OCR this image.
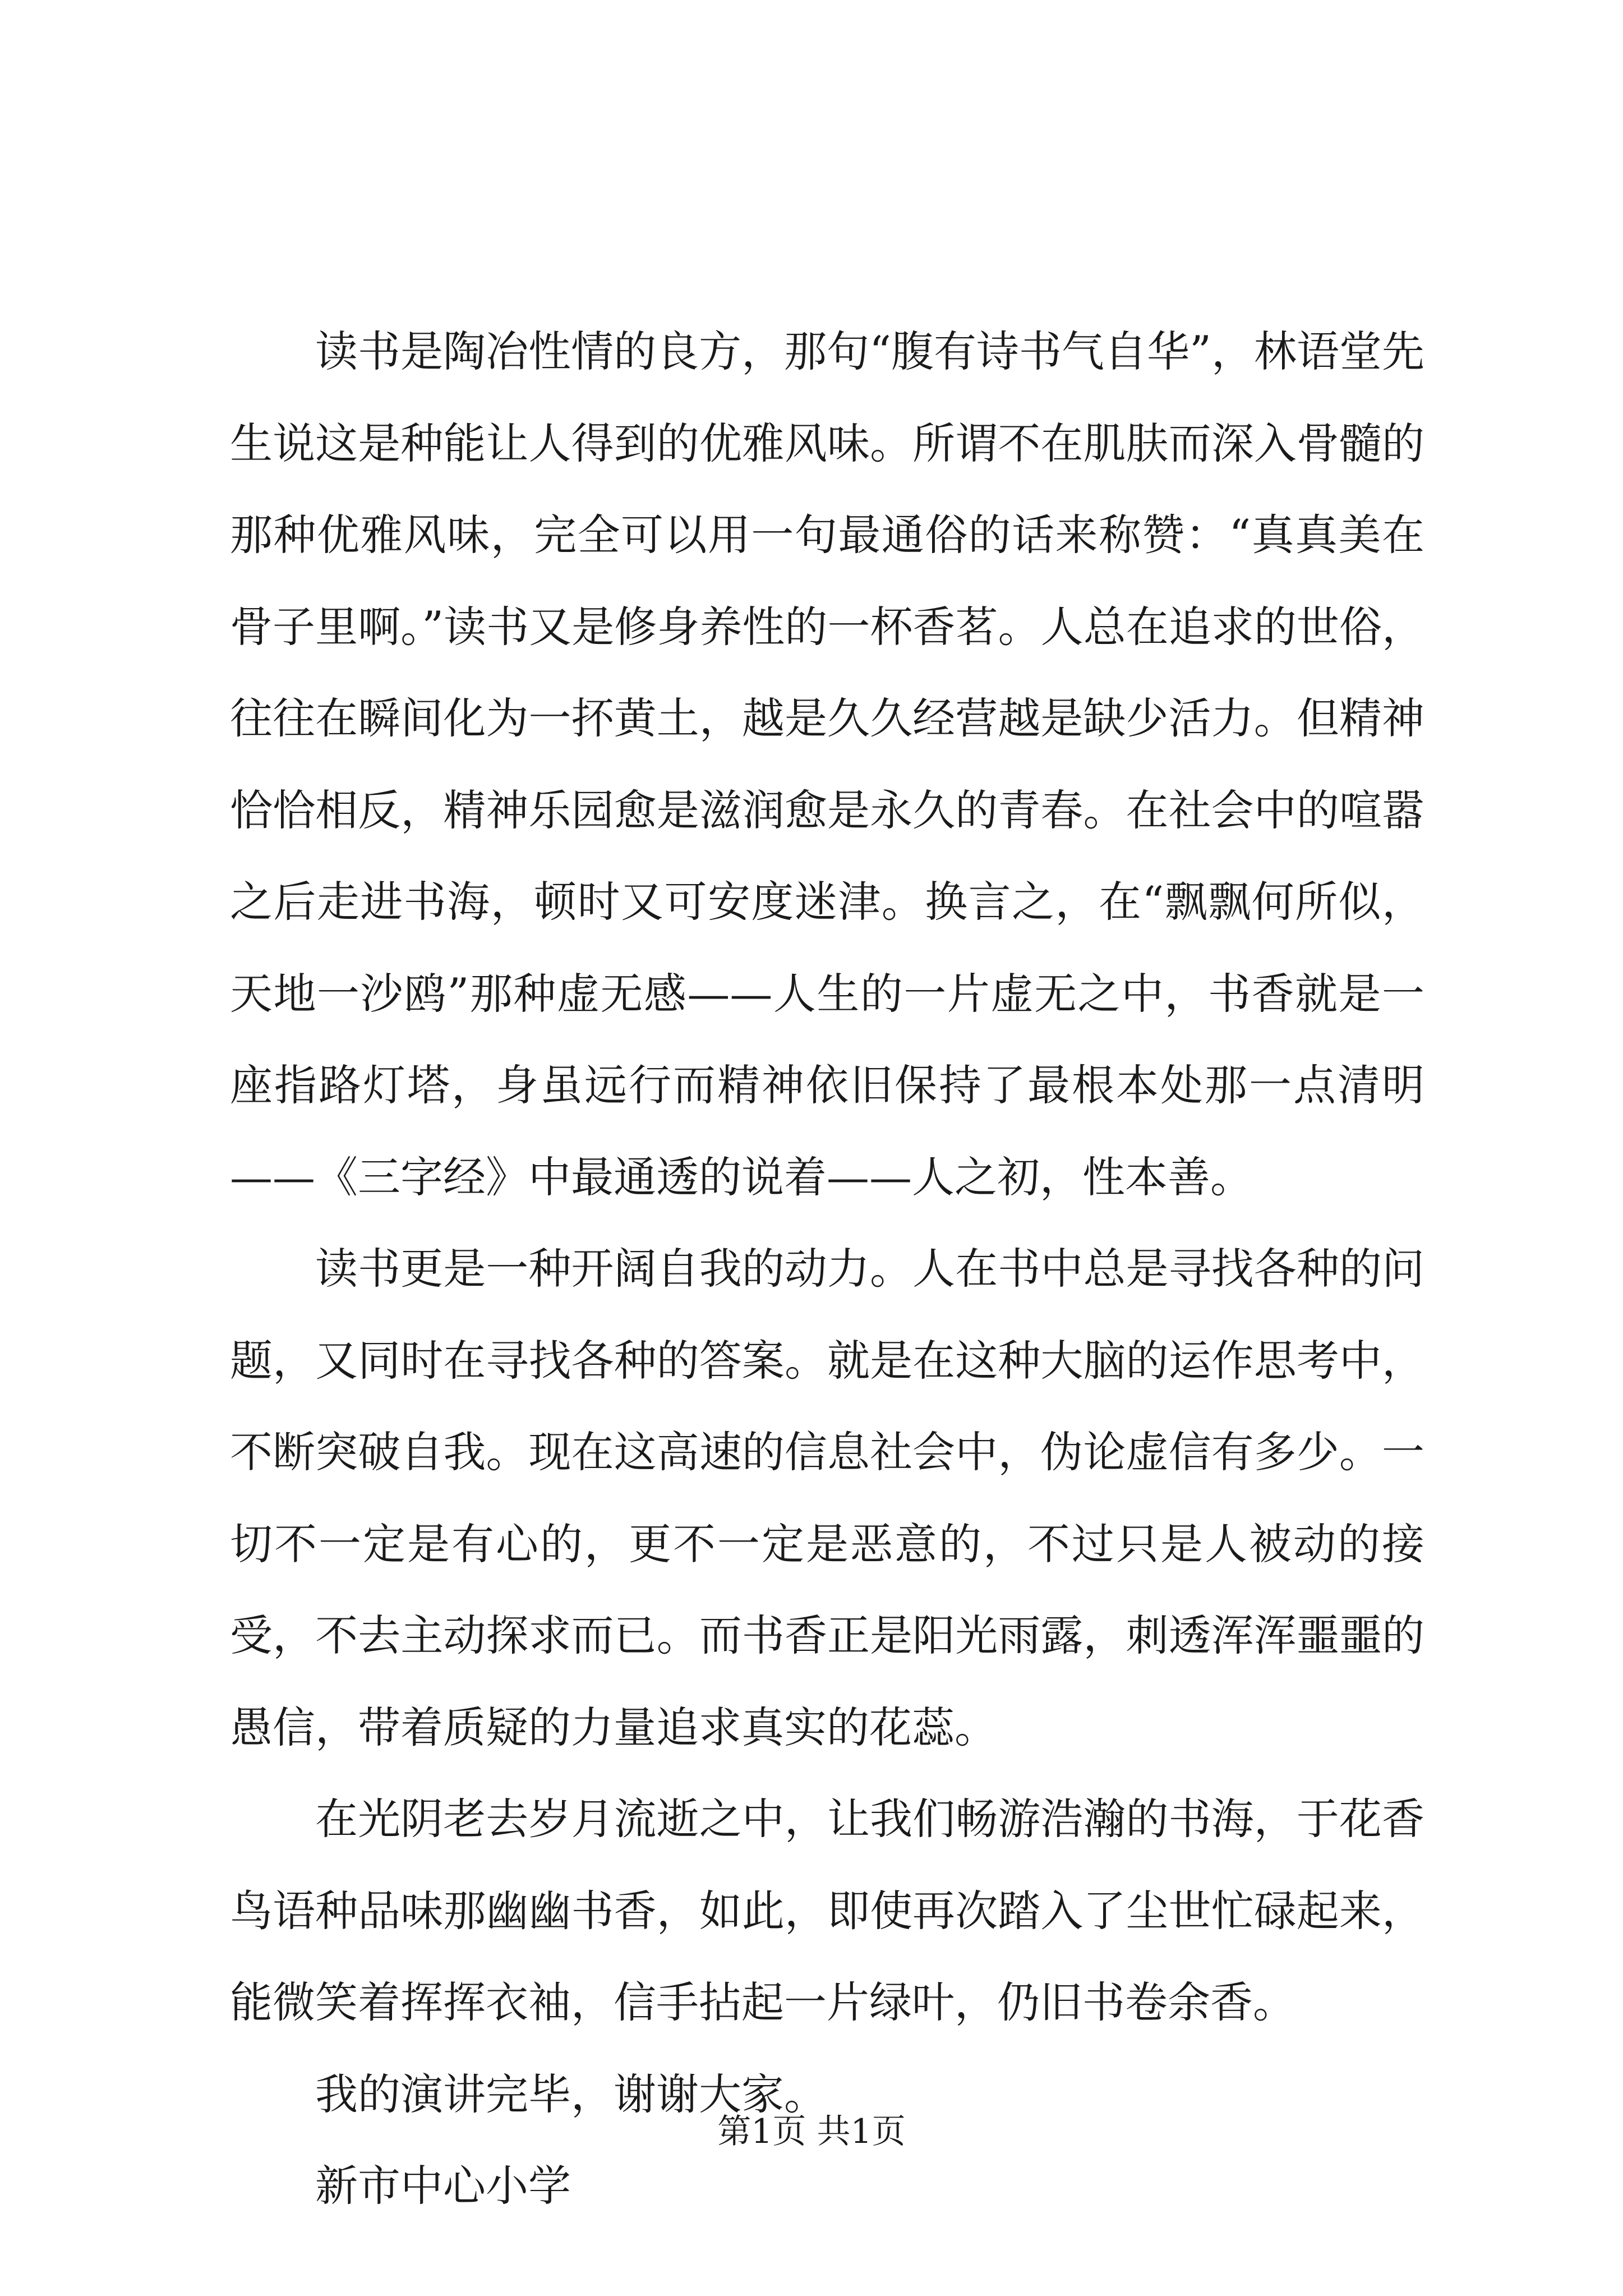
读书是陶冶性情的良方，那句“腹有诗书气自华”，林语堂先生说这是种能让人得到的优雅风味。所谓不在肌肤而深入骨髓的那种优雅风味，完全可以用一句最通俗的话来称赞：“真真美在骨子里啊。”读书又是修身养性的一杯香茗。人总在追求的世俗，往往在瞬间化为一抔黄土，越是久久经营越是缺少活力。但精神恰恰相反，精神乐园愈是滋润愈是永久的青春。在社会中的喧嚣之后走进书海，顿时又可安度迷津。换言之，在“飘飘何所似，天地一沙鸥”那种虚无感——人生的一片虚无之中，书香就是一座指路灯塔，身虽远行而精神依旧保持了最根本处那一点清明——《三字经》中最通透的说着——人之初，性本善。

读书更是一种开阔自我的动力。人在书中总是寻找各种的问题，又同时在寻找各种的答案。就是在这种大脑的运作思考中，不断突破自我。现在这高速的信息社会中，伪论虚信有多少。一切不一定是有心的，更不一定是恶意的，不过只是人被动的接受，不去主动探求而已。而书香正是阳光雨露，刺透浑浑噩噩的愚信，带着质疑的力量追求真实的花蕊。

在光阴老去岁月流逝之中，让我们畅游浩瀚的书海，于花香鸟语种品味那幽幽书香，如此，即使再次踏入了尘世忙碌起来，能微笑着挥挥衣袖，信手拈起一片绿叶，仍旧书卷余香。

我的演讲完毕，谢谢大家。

新市中心小学

第1页 共1页
